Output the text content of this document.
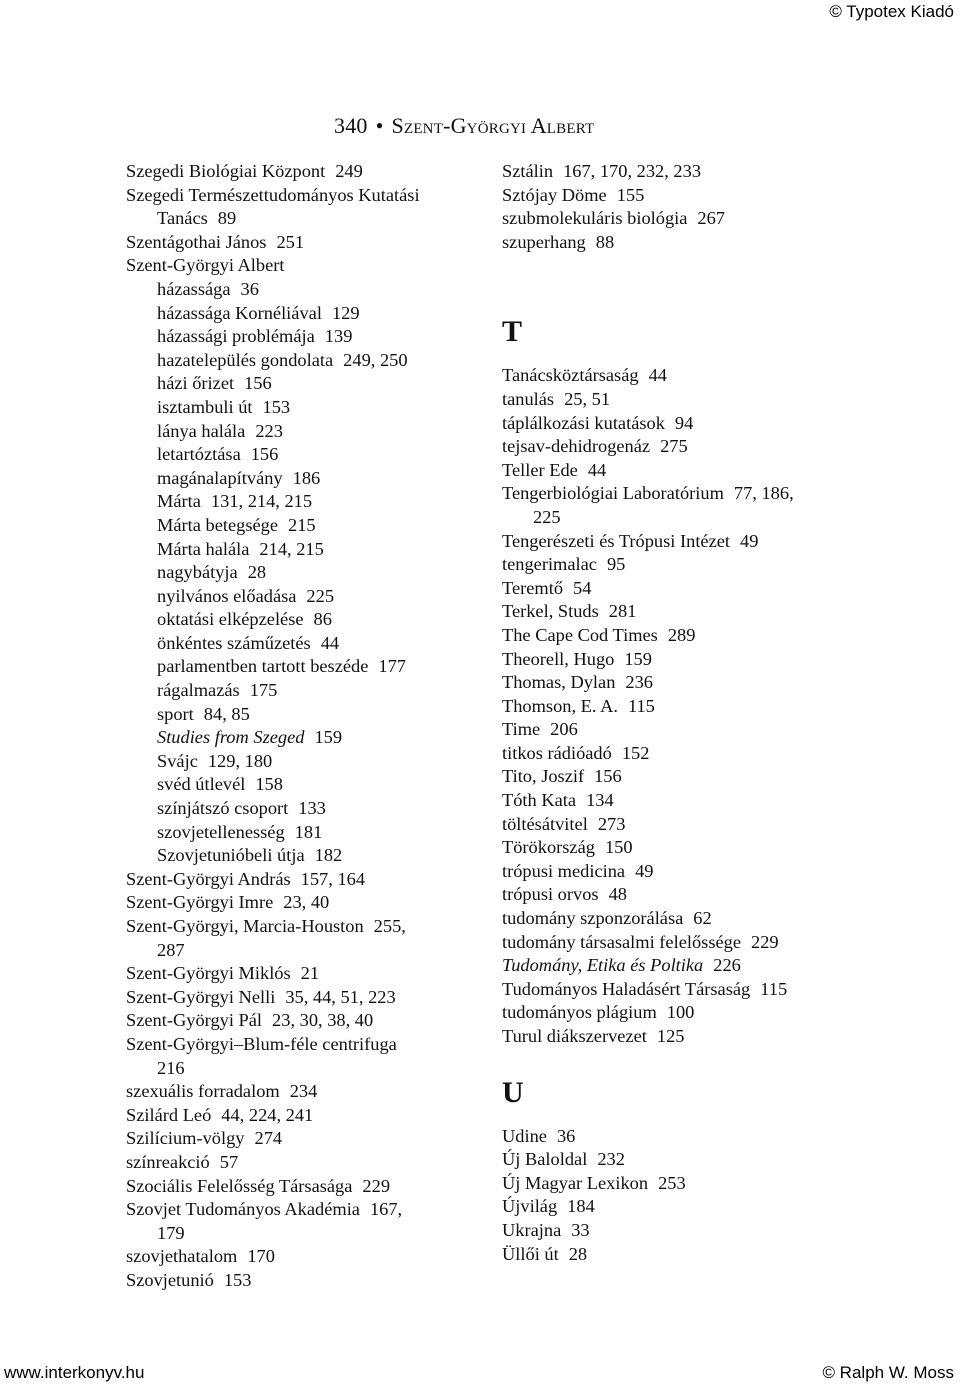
© Typotex Kiadó
340 • Szent-Györgyi Albert
Szegedi Biológiai Központ 249
Szegedi Természettudományos Kutatási
Tanács 89
Szentágothai János 251
Szent-Györgyi Albert
házassága 36
házassága Kornéliával 129
házassági problémája 139
hazatelepülés gondolata 249, 250
házi őrizet 156
isztambuli út 153
lánya halála 223
letartóztása 156
magánalapítvány 186
Márta 131, 214, 215
Márta betegsége 215
Márta halála 214, 215
nagybátyja 28
nyilvános előadása 225
oktatási elképzelése 86
önkéntes száműzetés 44
parlamentben tartott beszéde 177
rágalmazás 175
sport 84, 85
Studies from Szeged 159
Svájc 129, 180
svéd útlevél 158
színjátszó csoport 133
szovjetellenesség 181
Szovjetunióbeli útja 182
Szent-Györgyi András 157, 164
Szent-Györgyi Imre 23, 40
Szent-Györgyi, Marcia-Houston 255,
287
Szent-Györgyi Miklós 21
Szent-Györgyi Nelli 35, 44, 51, 223
Szent-Györgyi Pál 23, 30, 38, 40
Szent-Györgyi–Blum-féle centrifuga
216
szexuális forradalom 234
Szilárd Leó 44, 224, 241
Szilícium-völgy 274
színreakció 57
Szociális Felelősség Társasága 229
Szovjet Tudományos Akadémia 167,
179
szovjethatalom 170
Szovjetunió 153
Sztálin 167, 170, 232, 233
Sztójay Döme 155
szubmolekuláris biológia 267
szuperhang 88
T
Tanácsköztársaság 44
tanulás 25, 51
táplálkozási kutatások 94
tejsav-dehidrogenáz 275
Teller Ede 44
Tengerbiológiai Laboratórium 77, 186,
225
Tengerészeti és Trópusi Intézet 49
tengerimalac 95
Teremtő 54
Terkel, Studs 281
The Cape Cod Times 289
Theorell, Hugo 159
Thomas, Dylan 236
Thomson, E. A. 115
Time 206
titkos rádióadó 152
Tito, Joszif 156
Tóth Kata 134
töltésátvitel 273
Törökország 150
trópusi medicina 49
trópusi orvos 48
tudomány szponzorálása 62
tudomány társasalmi felelőssége 229
Tudomány, Etika és Poltika 226
Tudományos Haladásért Társaság 115
tudományos plágium 100
Turul diákszervezet 125
U
Udine 36
Új Baloldal 232
Új Magyar Lexikon 253
Újvilág 184
Ukrajna 33
Üllői út 28
www.interkonyv.hu	© Ralph W. Moss
